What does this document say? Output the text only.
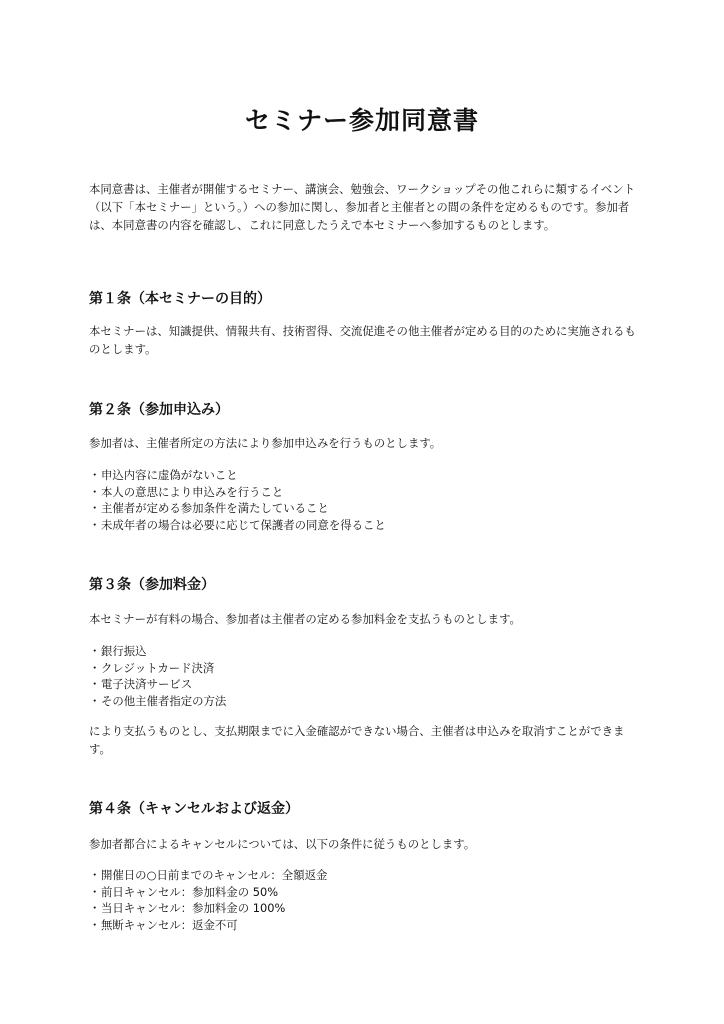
セミナー参加同意書

本同意書は、主催者が開催するセミナー、講演会、勉強会、ワークショップその他これらに類するイベント（以下「本セミナー」という。）への参加に関し、参加者と主催者との間の条件を定めるものです。参加者は、本同意書の内容を確認し、これに同意したうえで本セミナーへ参加するものとします。

第１条（本セミナーの目的）

本セミナーは、知識提供、情報共有、技術習得、交流促進その他主催者が定める目的のために実施されるものとします。

第２条（参加申込み）

参加者は、主催者所定の方法により参加申込みを行うものとします。

・申込内容に虚偽がないこと
・本人の意思により申込みを行うこと
・主催者が定める参加条件を満たしていること
・未成年者の場合は必要に応じて保護者の同意を得ること
第３条（参加料金）

本セミナーが有料の場合、参加者は主催者の定める参加料金を支払うものとします。

・銀行振込
・クレジットカード決済
・電子決済サービス
・その他主催者指定の方法

により支払うものとし、支払期限までに入金確認ができない場合、主催者は申込みを取消すことができます。

第４条（キャンセルおよび返金）

参加者都合によるキャンセルについては、以下の条件に従うものとします。

・開催日の○日前までのキャンセル：全額返金
・前日キャンセル：参加料金の 50%
・当日キャンセル：参加料金の 100%
・無断キャンセル：返金不可
